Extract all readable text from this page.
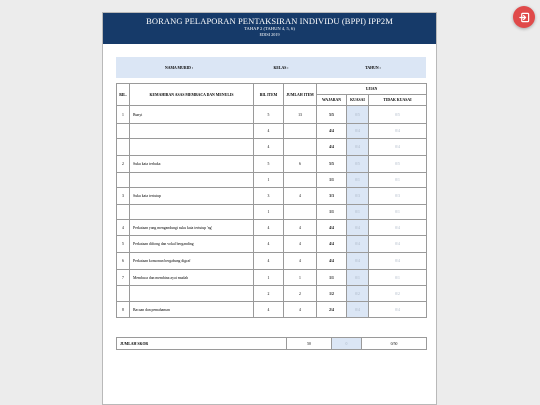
BORANG PELAPORAN PENTAKSIRAN INDIVIDU (BPPI) IPP2M
TAHAP 2 (TAHUN 4, 5, 6)
EDISI 2019
NAMA MURID :	KELAS :	TAHUN :
BIL.	KEMAHIRAN ASAS MEMBACA DAN MENULIS	BIL ITEM	JUMLAH ITEM	UJIAN		
				WAJARAN	KUASAI	TIDAK KUASAI
1	Bunyi	5	13	5/5	0/5	0/5
		4		4/4	0/4	0/4
		4		4/4	0/4	0/4
2	Suku kata terbuka	5	6	5/5	0/5	0/5
		1		1/1	0/1	0/1
3	Suku kata tertutup	3	4	3/3	0/3	0/3
		1		1/1	0/1	0/1
4	Perkataan yang mengandungi suku kata tertutup 'ng'	4	4	4/4	0/4	0/4
5	Perkataan diftong dan vokal berganding	4	4	4/4	0/4	0/4
6	Perkataan konsonan bergabung digraf	4	4	4/4	0/4	0/4
7	Membaca dan membina ayat mudah	1	1	1/1	0/1	0/1
		2	2	1/2	0/2	0/2
8	Bacaan dan pemahaman	4	4	2/4	0/4	0/4
JUMLAH SKOR	50	0	0/50
